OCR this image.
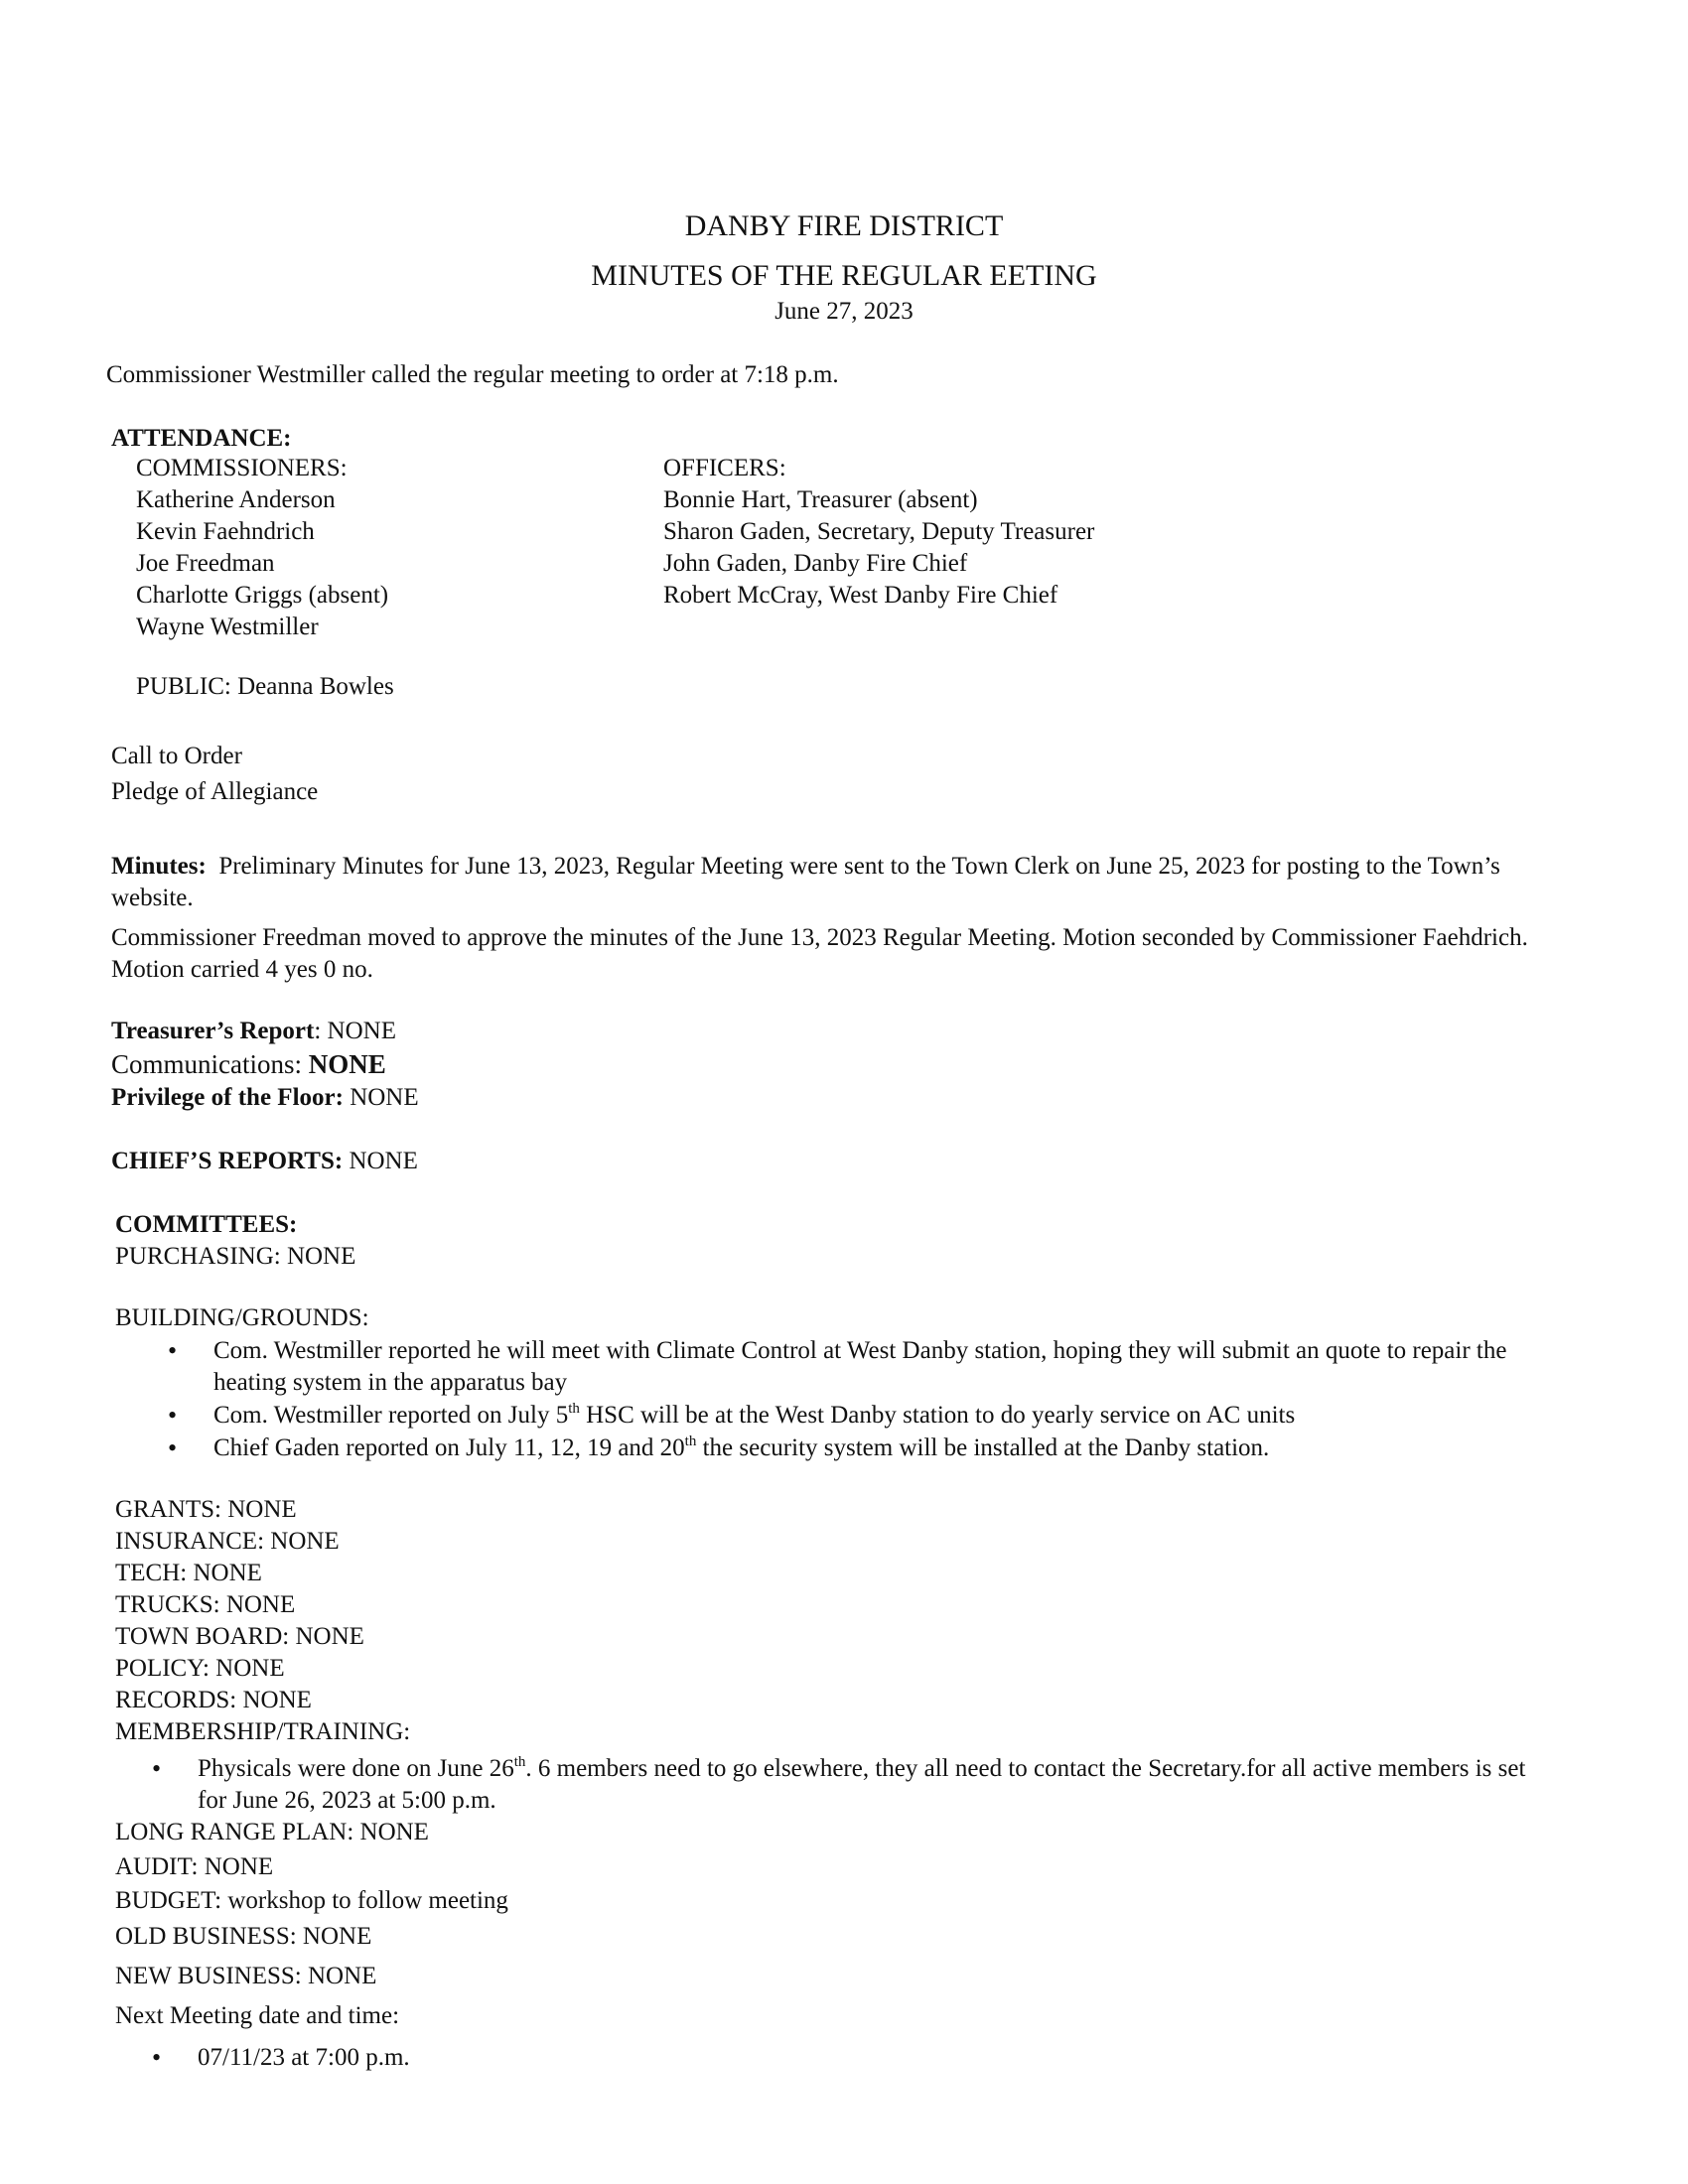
DANBY FIRE DISTRICT
MINUTES OF THE REGULAR EETING
June 27, 2023
Commissioner Westmiller called the regular meeting to order at 7:18 p.m.
ATTENDANCE:
COMMISSIONERS:
Katherine Anderson
Kevin Faehndrich
Joe Freedman
Charlotte Griggs (absent)
Wayne Westmiller
OFFICERS:
Bonnie Hart, Treasurer (absent)
Sharon Gaden, Secretary, Deputy Treasurer
John Gaden, Danby Fire Chief
Robert McCray, West Danby Fire Chief
PUBLIC: Deanna Bowles
Call to Order
Pledge of Allegiance
Minutes: Preliminary Minutes for June 13, 2023, Regular Meeting were sent to the Town Clerk on June 25, 2023 for posting to the Town’s website.
Commissioner Freedman moved to approve the minutes of the June 13, 2023 Regular Meeting. Motion seconded by Commissioner Faehdrich. Motion carried 4 yes 0 no.
Treasurer’s Report: NONE
Communications: NONE
Privilege of the Floor: NONE
CHIEF’S REPORTS: NONE
COMMITTEES:
PURCHASING: NONE
BUILDING/GROUNDS:
• Com. Westmiller reported he will meet with Climate Control at West Danby station, hoping they will submit an quote to repair the heating system in the apparatus bay
• Com. Westmiller reported on July 5th HSC will be at the West Danby station to do yearly service on AC units
• Chief Gaden reported on July 11, 12, 19 and 20th the security system will be installed at the Danby station.
GRANTS: NONE
INSURANCE: NONE
TECH: NONE
TRUCKS: NONE
TOWN BOARD: NONE
POLICY: NONE
RECORDS: NONE
MEMBERSHIP/TRAINING:
• Physicals were done on June 26th. 6 members need to go elsewhere, they all need to contact the Secretary.for all active members is set for June 26, 2023 at 5:00 p.m.
LONG RANGE PLAN: NONE
AUDIT: NONE
BUDGET: workshop to follow meeting
OLD BUSINESS: NONE
NEW BUSINESS: NONE
Next Meeting date and time:
• 07/11/23 at 7:00 p.m.
